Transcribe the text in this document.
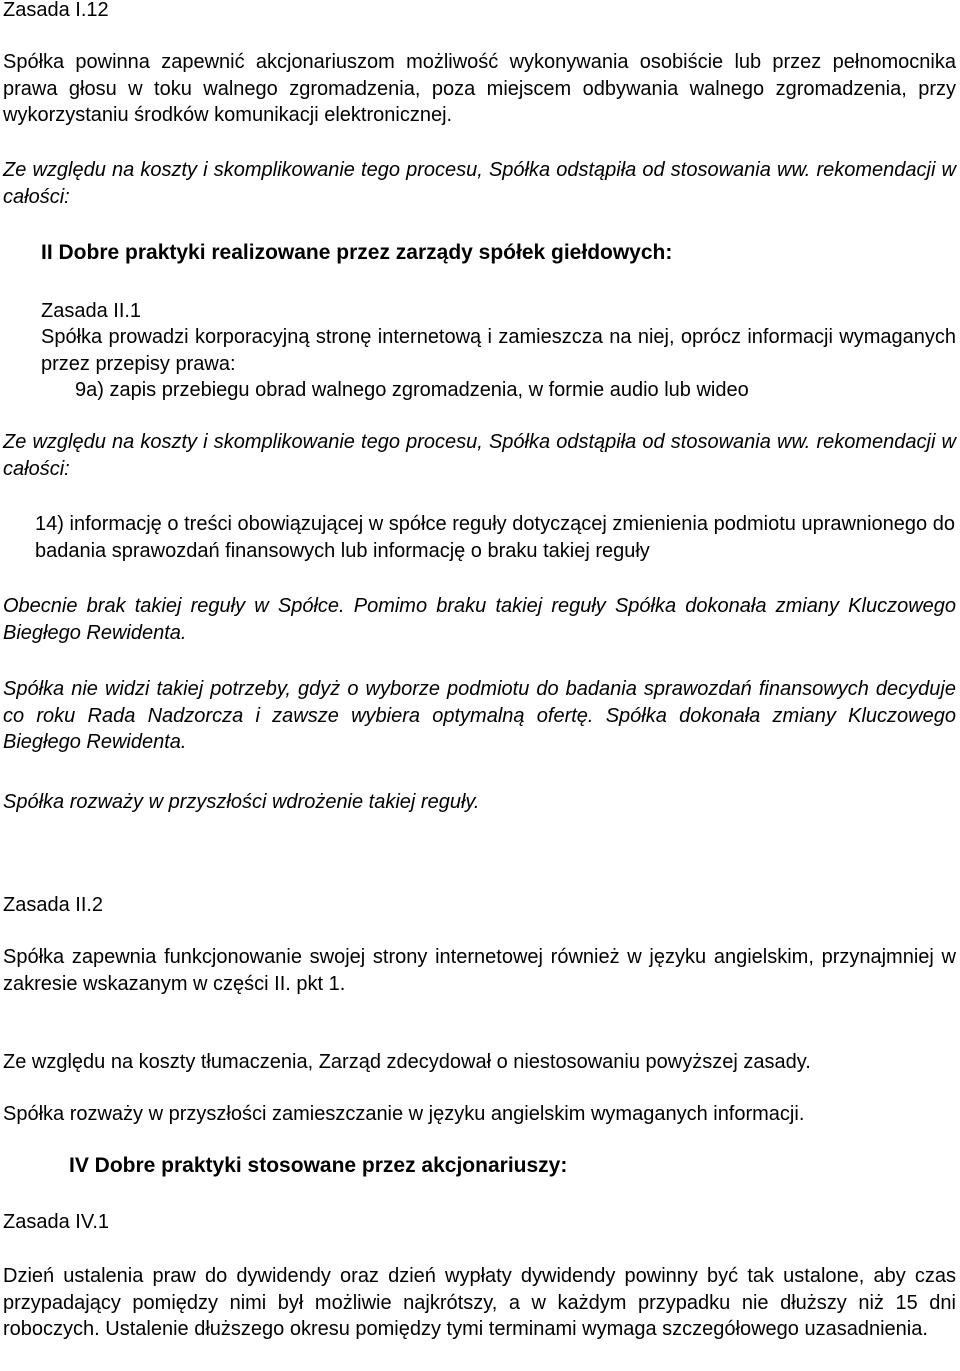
Zasada I.12
Spółka powinna zapewnić akcjonariuszom możliwość wykonywania osobiście lub przez pełnomocnika prawa głosu w toku walnego zgromadzenia, poza miejscem odbywania walnego zgromadzenia, przy wykorzystaniu środków komunikacji elektronicznej.
Ze względu na koszty i skomplikowanie tego procesu, Spółka odstąpiła od stosowania ww. rekomendacji w całości:
II Dobre praktyki realizowane przez zarządy spółek giełdowych:
Zasada II.1
Spółka prowadzi korporacyjną stronę internetową i zamieszcza na niej, oprócz informacji wymaganych przez przepisy prawa:
9a) zapis przebiegu obrad walnego zgromadzenia, w formie audio lub wideo
Ze względu na koszty i skomplikowanie tego procesu, Spółka odstąpiła od stosowania ww. rekomendacji w całości:
14) informację o treści obowiązującej w spółce reguły dotyczącej zmienienia podmiotu uprawnionego do badania sprawozdań finansowych lub informację o braku takiej reguły
Obecnie brak takiej reguły w Spółce. Pomimo braku takiej reguły Spółka dokonała zmiany Kluczowego Biegłego Rewidenta.
Spółka nie widzi takiej potrzeby, gdyż o wyborze podmiotu do badania sprawozdań finansowych decyduje co roku Rada Nadzorcza i zawsze wybiera optymalną ofertę. Spółka dokonała zmiany Kluczowego Biegłego Rewidenta.
Spółka rozważy w przyszłości wdrożenie takiej reguły.
Zasada II.2
Spółka zapewnia funkcjonowanie swojej strony internetowej również w języku angielskim, przynajmniej w zakresie wskazanym w części II. pkt 1.
Ze względu na koszty tłumaczenia, Zarząd zdecydował o niestosowaniu powyższej zasady.
Spółka rozważy w przyszłości zamieszczanie w języku angielskim wymaganych informacji.
IV Dobre praktyki stosowane przez akcjonariuszy:
Zasada IV.1
Dzień ustalenia praw do dywidendy oraz dzień wypłaty dywidendy powinny być tak ustalone, aby czas przypadający pomiędzy nimi był możliwie najkrótszy, a w każdym przypadku nie dłuższy niż 15 dni roboczych. Ustalenie dłuższego okresu pomiędzy tymi terminami wymaga szczegółowego uzasadnienia.
